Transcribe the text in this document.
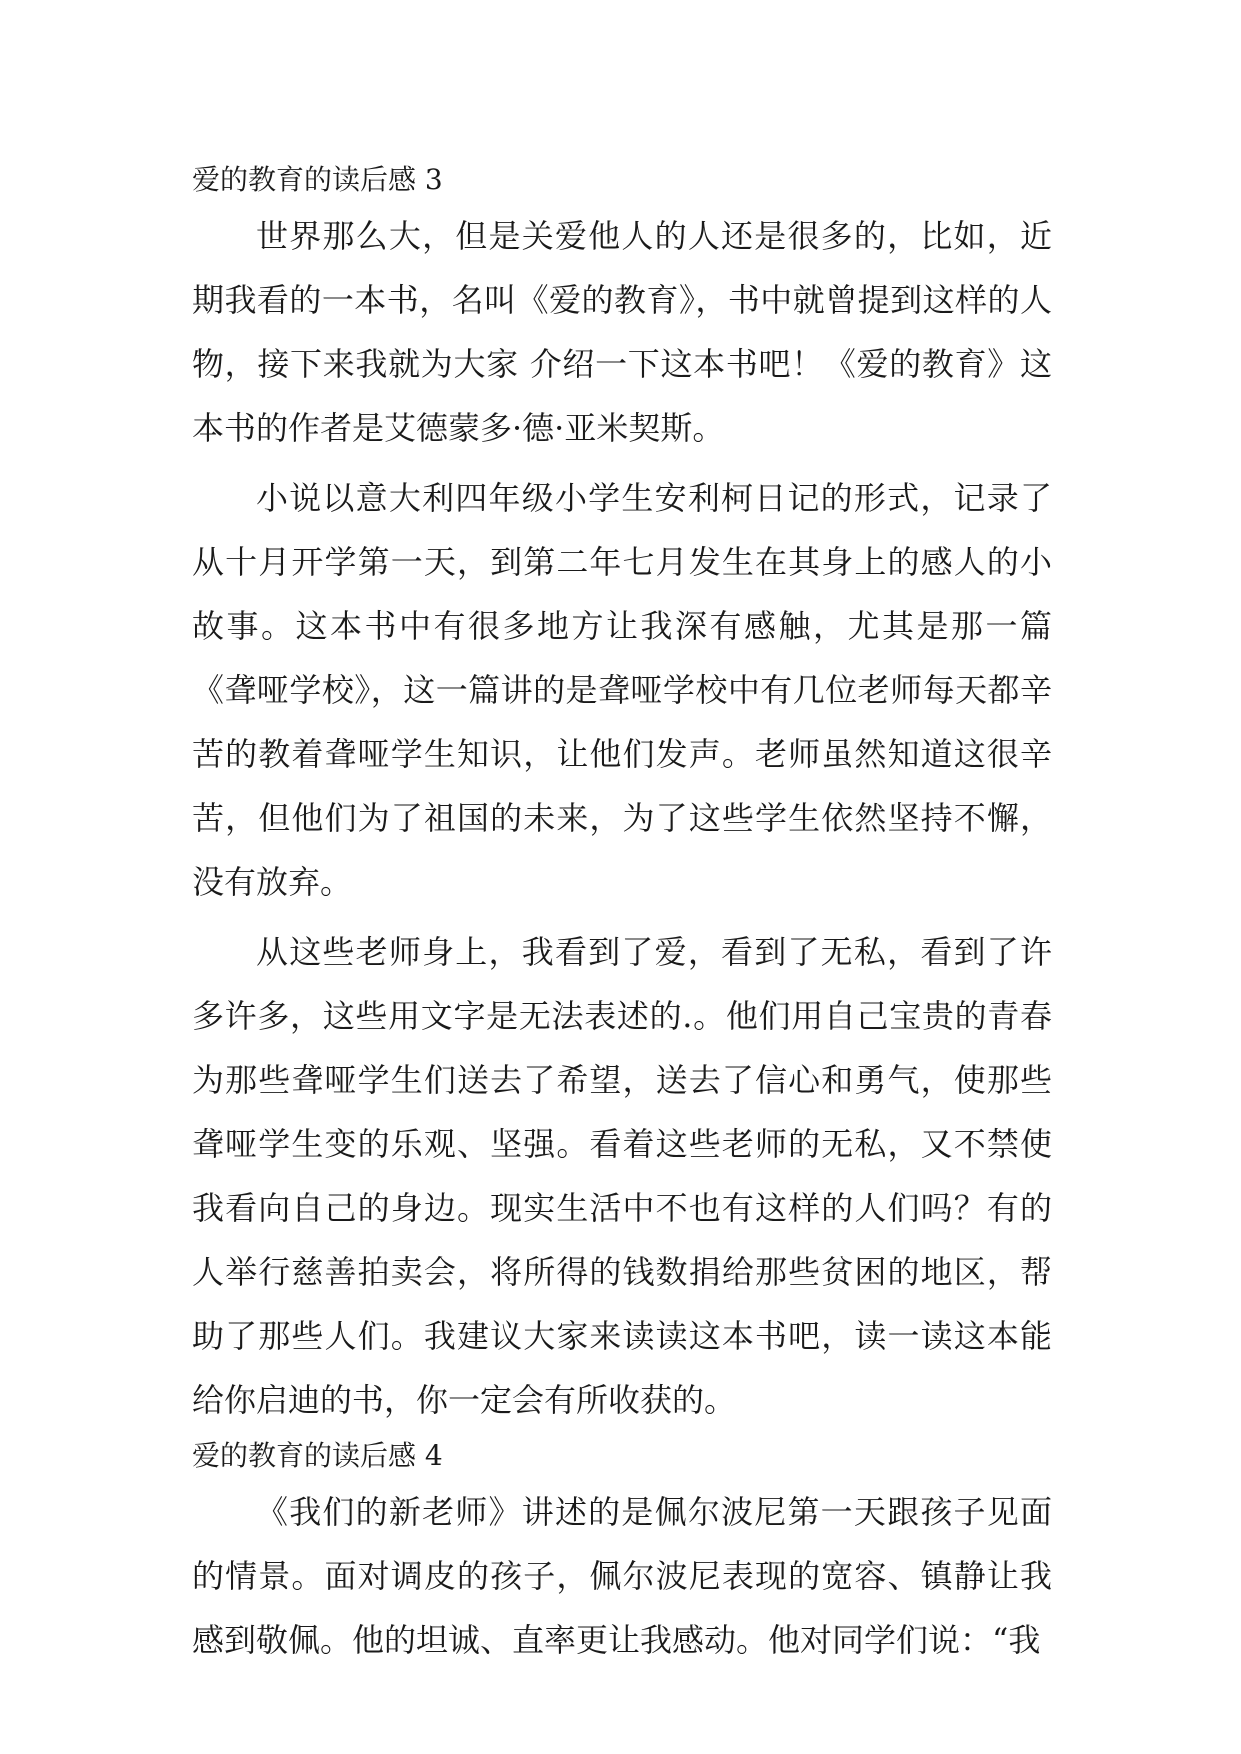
爱的教育的读后感 3

世界那么大，但是关爱他人的人还是很多的，比如，近期我看的一本书，名叫《爱的教育》，书中就曾提到这样的人物，接下来我就为大家 介绍一下这本书吧！《爱的教育》这本书的作者是艾德蒙多·德·亚米契斯。

小说以意大利四年级小学生安利柯日记的形式，记录了从十月开学第一天，到第二年七月发生在其身上的感人的小故事。这本书中有很多地方让我深有感触，尤其是那一篇《聋哑学校》，这一篇讲的是聋哑学校中有几位老师每天都辛苦的教着聋哑学生知识，让他们发声。老师虽然知道这很辛苦，但他们为了祖国的未来，为了这些学生依然坚持不懈，没有放弃。

从这些老师身上，我看到了爱，看到了无私，看到了许多许多，这些用文字是无法表述的.。他们用自己宝贵的青春为那些聋哑学生们送去了希望，送去了信心和勇气，使那些聋哑学生变的乐观、坚强。看着这些老师的无私，又不禁使我看向自己的身边。现实生活中不也有这样的人们吗？有的人举行慈善拍卖会，将所得的钱数捐给那些贫困的地区，帮助了那些人们。我建议大家来读读这本书吧，读一读这本能给你启迪的书，你一定会有所收获的。

爱的教育的读后感 4

《我们的新老师》讲述的是佩尔波尼第一天跟孩子见面的情景。面对调皮的孩子，佩尔波尼表现的宽容、镇静让我感到敬佩。他的坦诚、直率更让我感动。他对同学们说：“我
